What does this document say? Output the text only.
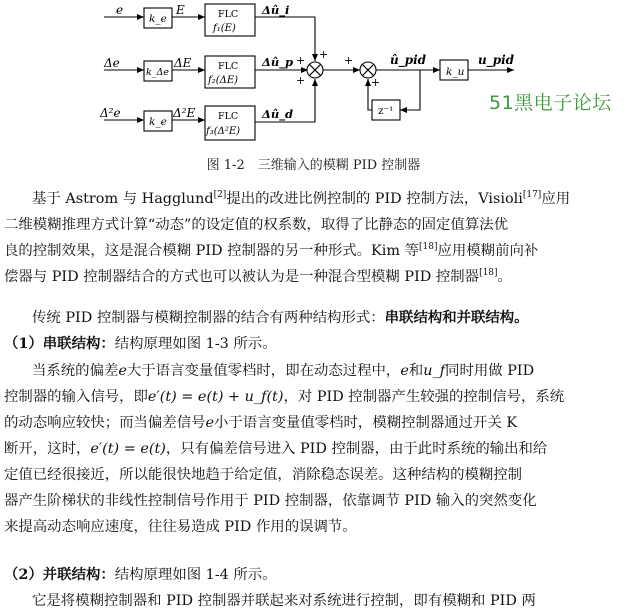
e
Δe
Δ²e
k_e
k_Δe
k_e
E
ΔE
Δ²E
FLC
f₁(E)
FLC
f₂(ΔE)
FLC
f₃(Δ²E)
Δû_i
Δû_p
Δû_d
+
+
+ +
+
û_pid
z⁻¹
k_u
u_pid
51黑电子论坛
图 1-2　三维输入的模糊 PID 控制器
基于 Astrom 与 Hagglund[2]提出的改进比例控制的 PID 控制方法，Visioli[17]应用
二维模糊推理方式计算“动态”的设定值的权系数，取得了比静态的固定值算法优
良的控制效果，这是混合模糊 PID 控制器的另一种形式。Kim 等[18]应用模糊前向补
偿器与 PID 控制器结合的方式也可以被认为是一种混合型模糊 PID 控制器[18]。
传统 PID 控制器与模糊控制器的结合有两种结构形式：串联结构和并联结构。
（1）串联结构：结构原理如图 1-3 所示。
当系统的偏差e大于语言变量值零档时，即在动态过程中，e和u_f同时用做 PID
控制器的输入信号，即e′(t) = e(t) + u_f(t)，对 PID 控制器产生较强的控制信号，系统
的动态响应较快；而当偏差信号e小于语言变量值零档时，模糊控制器通过开关 K
断开，这时，e′(t) = e(t)，只有偏差信号进入 PID 控制器，由于此时系统的输出和给
定值已经很接近，所以能很快地趋于给定值，消除稳态误差。这种结构的模糊控制
器产生阶梯状的非线性控制信号作用于 PID 控制器，依靠调节 PID 输入的突然变化
来提高动态响应速度，往往易造成 PID 作用的误调节。
（2）并联结构：结构原理如图 1-4 所示。
它是将模糊控制器和 PID 控制器并联起来对系统进行控制，即有模糊和 PID 两
